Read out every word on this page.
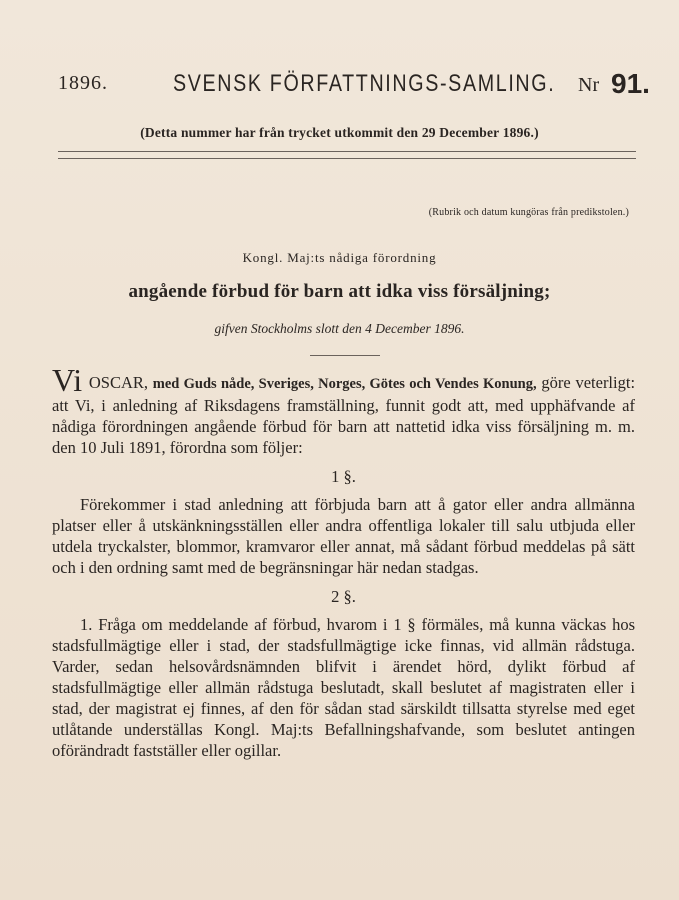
1896.	SVENSK FÖRFATTNINGS-SAMLING. Nr 91.
(Detta nummer har från trycket utkommit den 29 December 1896.)
(Rubrik och datum kungöras från predikstolen.)
Kongl. Maj:ts nådiga förordning
angående förbud för barn att idka viss försäljning;
gifven Stockholms slott den 4 December 1896.

Vi OSCAR, med Guds nåde, Sveriges, Norges, Götes och Vendes Konung, göre veterligt: att Vi, i anledning af Riksdagens framställning, funnit godt att, med upphäfvande af nådiga förordningen angående förbud för barn att nattetid idka viss försäljning m. m. den 10 Juli 1891, förordna som följer:

1 §.

Förekommer i stad anledning att förbjuda barn att å gator eller andra allmänna platser eller å utskänkningsställen eller andra offentliga lokaler till salu utbjuda eller utdela tryckalster, blommor, kramvaror eller annat, må sådant förbud meddelas på sätt och i den ordning samt med de begränsningar här nedan stadgas.

2 §.

1. Fråga om meddelande af förbud, hvarom i 1 § förmäles, må kunna väckas hos stadsfullmägtige eller i stad, der stadsfullmägtige icke finnas, vid allmän rådstuga. Varder, sedan helsovårdsnämnden blifvit i ärendet hörd, dylikt förbud af stadsfullmägtige eller allmän rådstuga beslutadt, skall beslutet af magistraten eller i stad, der magistrat ej finnes, af den för sådan stad särskildt tillsatta styrelse med eget utlåtande underställas Kongl. Maj:ts Befallningshafvande, som beslutet antingen oförändradt fastställer eller ogillar.
